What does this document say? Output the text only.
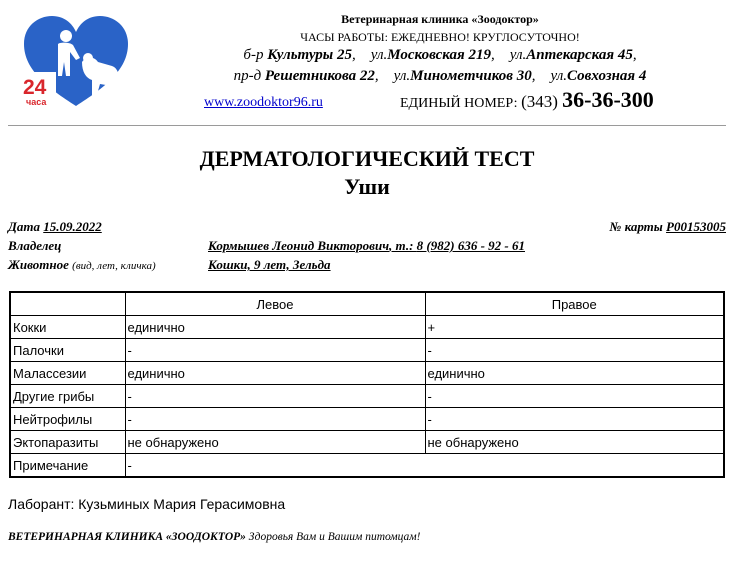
24
часа
Ветеринарная клиника «Зоодоктор»
ЧАСЫ РАБОТЫ: ЕЖЕДНЕВНО! КРУГЛОСУТОЧНО!
б-р Культуры 25,    ул.Московская 219,    ул.Аптекарская 45,
пр-д Решетникова 22,    ул.Минометчиков 30,    ул.Совхозная 4
www.zoodoktor96.ru	ЕДИНЫЙ НОМЕР: (343) 36-36-300
ДЕРМАТОЛОГИЧЕСКИЙ ТЕСТ
Уши
Дата 15.09.2022	№ карты P00153005
Владелец	Кормышев Леонид Викторович, т.: 8 (982) 636 - 92 - 61
Животное (вид, лет, кличка)	Кошки, 9 лет, Зельда
	Левое	Правое
Кокки	единично	+
Палочки	-	-
Малассезии	единично	единично
Другие грибы	-	-
Нейтрофилы	-	-
Эктопаразиты	не обнаружено	не обнаружено
Примечание	-	
Лаборант: Кузьминых Мария Герасимовна
ВЕТЕРИНАРНАЯ КЛИНИКА «ЗООДОКТОР» Здоровья Вам и Вашим питомцам!
